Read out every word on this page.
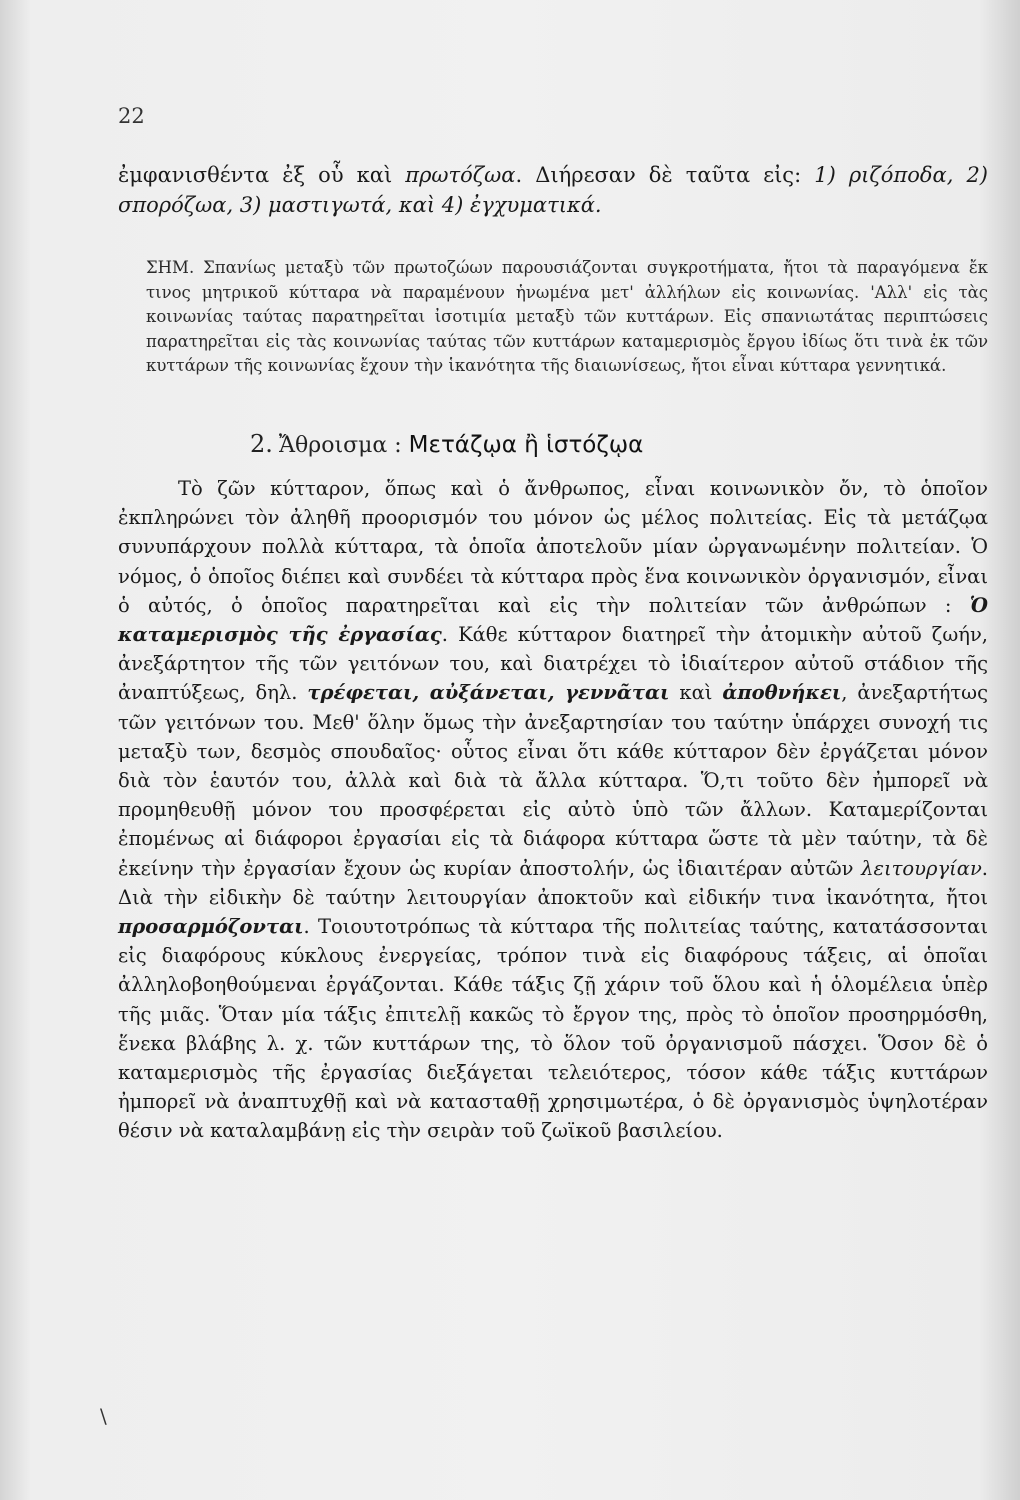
22
ἐμφανισθέντα ἐξ οὗ καὶ πρωτόζωα. Διήρεσαν δὲ ταῦτα εἰς: 1) ριζόποδα, 2) σπορόζωα, 3) μαστιγωτά, καὶ 4) ἐγχυματικά.

ΣΗΜ. Σπανίως μεταξὺ τῶν πρωτοζώων παρουσιάζονται συγκροτήματα, ἤτοι τὰ παραγόμενα ἔκ τινος μητρικοῦ κύτταρα νὰ παραμένουν ἡνωμένα μετ' ἀλλήλων εἰς κοινωνίας. 'Αλλ' εἰς τὰς κοινωνίας ταύτας παρατηρεῖται ἰσοτιμία μεταξὺ τῶν κυττάρων. Εἰς σπανιωτάτας περιπτώσεις παρατηρεῖται εἰς τὰς κοινωνίας ταύτας τῶν κυττάρων καταμερισμὸς ἔργου ἰδίως ὅτι τινὰ ἐκ τῶν κυττάρων τῆς κοινωνίας ἔχουν τὴν ἱκανότητα τῆς διαιωνίσεως, ἤτοι εἶναι κύτταρα γεννητικά.

2. Ἄθροισμα : Μετάζῳα ἢ ἱστόζῳα

Τὸ ζῶν κύτταρον, ὅπως καὶ ὁ ἄνθρωπος, εἶναι κοινωνικὸν ὄν, τὸ ὁποῖον ἐκπληρώνει τὸν ἀληθῆ προορισμόν του μόνον ὡς μέλος πολιτείας. Εἰς τὰ μετάζῳα συνυπάρχουν πολλὰ κύτταρα, τὰ ὁποῖα ἀποτελοῦν μίαν ὠργανωμένην πολιτείαν. Ὁ νόμος, ὁ ὁποῖος διέπει καὶ συνδέει τὰ κύτταρα πρὸς ἕνα κοινωνικὸν ὀργανισμόν, εἶναι ὁ αὐτός, ὁ ὁποῖος παρατηρεῖται καὶ εἰς τὴν πολιτείαν τῶν ἀνθρώπων : Ὁ καταμερισμὸς τῆς ἐργασίας. Κάθε κύτταρον διατηρεῖ τὴν ἀτομικὴν αὐτοῦ ζωήν, ἀνεξάρτητον τῆς τῶν γειτόνων του, καὶ διατρέχει τὸ ἰδιαίτερον αὐτοῦ στάδιον τῆς ἀναπτύξεως, δηλ. τρέφεται, αὐξάνεται, γεννᾶται καὶ ἀποθνήκει, ἀνεξαρτήτως τῶν γειτόνων του. Μεθ' ὅλην ὅμως τὴν ἀνεξαρτησίαν του ταύτην ὑπάρχει συνοχή τις μεταξὺ των, δεσμὸς σπουδαῖος· οὗτος εἶναι ὅτι κάθε κύτταρον δὲν ἐργάζεται μόνον διὰ τὸν ἑαυτόν του, ἀλλὰ καὶ διὰ τὰ ἄλλα κύτταρα. Ὅ,τι τοῦτο δὲν ἠμπορεῖ νὰ προμηθευθῇ μόνον του προσφέρεται εἰς αὐτὸ ὑπὸ τῶν ἄλλων. Καταμερίζονται ἐπομένως αἱ διάφοροι ἐργασίαι εἰς τὰ διάφορα κύτταρα ὥστε τὰ μὲν ταύτην, τὰ δὲ ἐκείνην τὴν ἐργασίαν ἔχουν ὡς κυρίαν ἀποστολήν, ὡς ἰδιαιτέραν αὐτῶν λειτουργίαν. Διὰ τὴν εἰδικὴν δὲ ταύτην λειτουργίαν ἀποκτοῦν καὶ εἰδικήν τινα ἱκανότητα, ἤτοι προσαρμόζονται. Τοιουτοτρόπως τὰ κύτταρα τῆς πολιτείας ταύτης, κατατάσσονται εἰς διαφόρους κύκλους ἐνεργείας, τρόπον τινὰ εἰς διαφόρους τάξεις, αἱ ὁποῖαι ἀλληλοβοηθούμεναι ἐργάζονται. Κάθε τάξις ζῇ χάριν τοῦ ὅλου καὶ ἡ ὁλομέλεια ὑπὲρ τῆς μιᾶς. Ὅταν μία τάξις ἐπιτελῇ κακῶς τὸ ἔργον της, πρὸς τὸ ὁποῖον προσηρμόσθη, ἕνεκα βλάβης λ. χ. τῶν κυττάρων της, τὸ ὅλον τοῦ ὀργανισμοῦ πάσχει. Ὅσον δὲ ὁ καταμερισμὸς τῆς ἐργασίας διεξάγεται τελειότερος, τόσον κάθε τάξις κυττάρων ἠμπορεῖ νὰ ἀναπτυχθῇ καὶ νὰ κατασταθῇ χρησιμωτέρα, ὁ δὲ ὀργανισμὸς ὑψηλοτέραν θέσιν νὰ καταλαμβάνῃ εἰς τὴν σειρὰν τοῦ ζωϊκοῦ βασιλείου.

\
